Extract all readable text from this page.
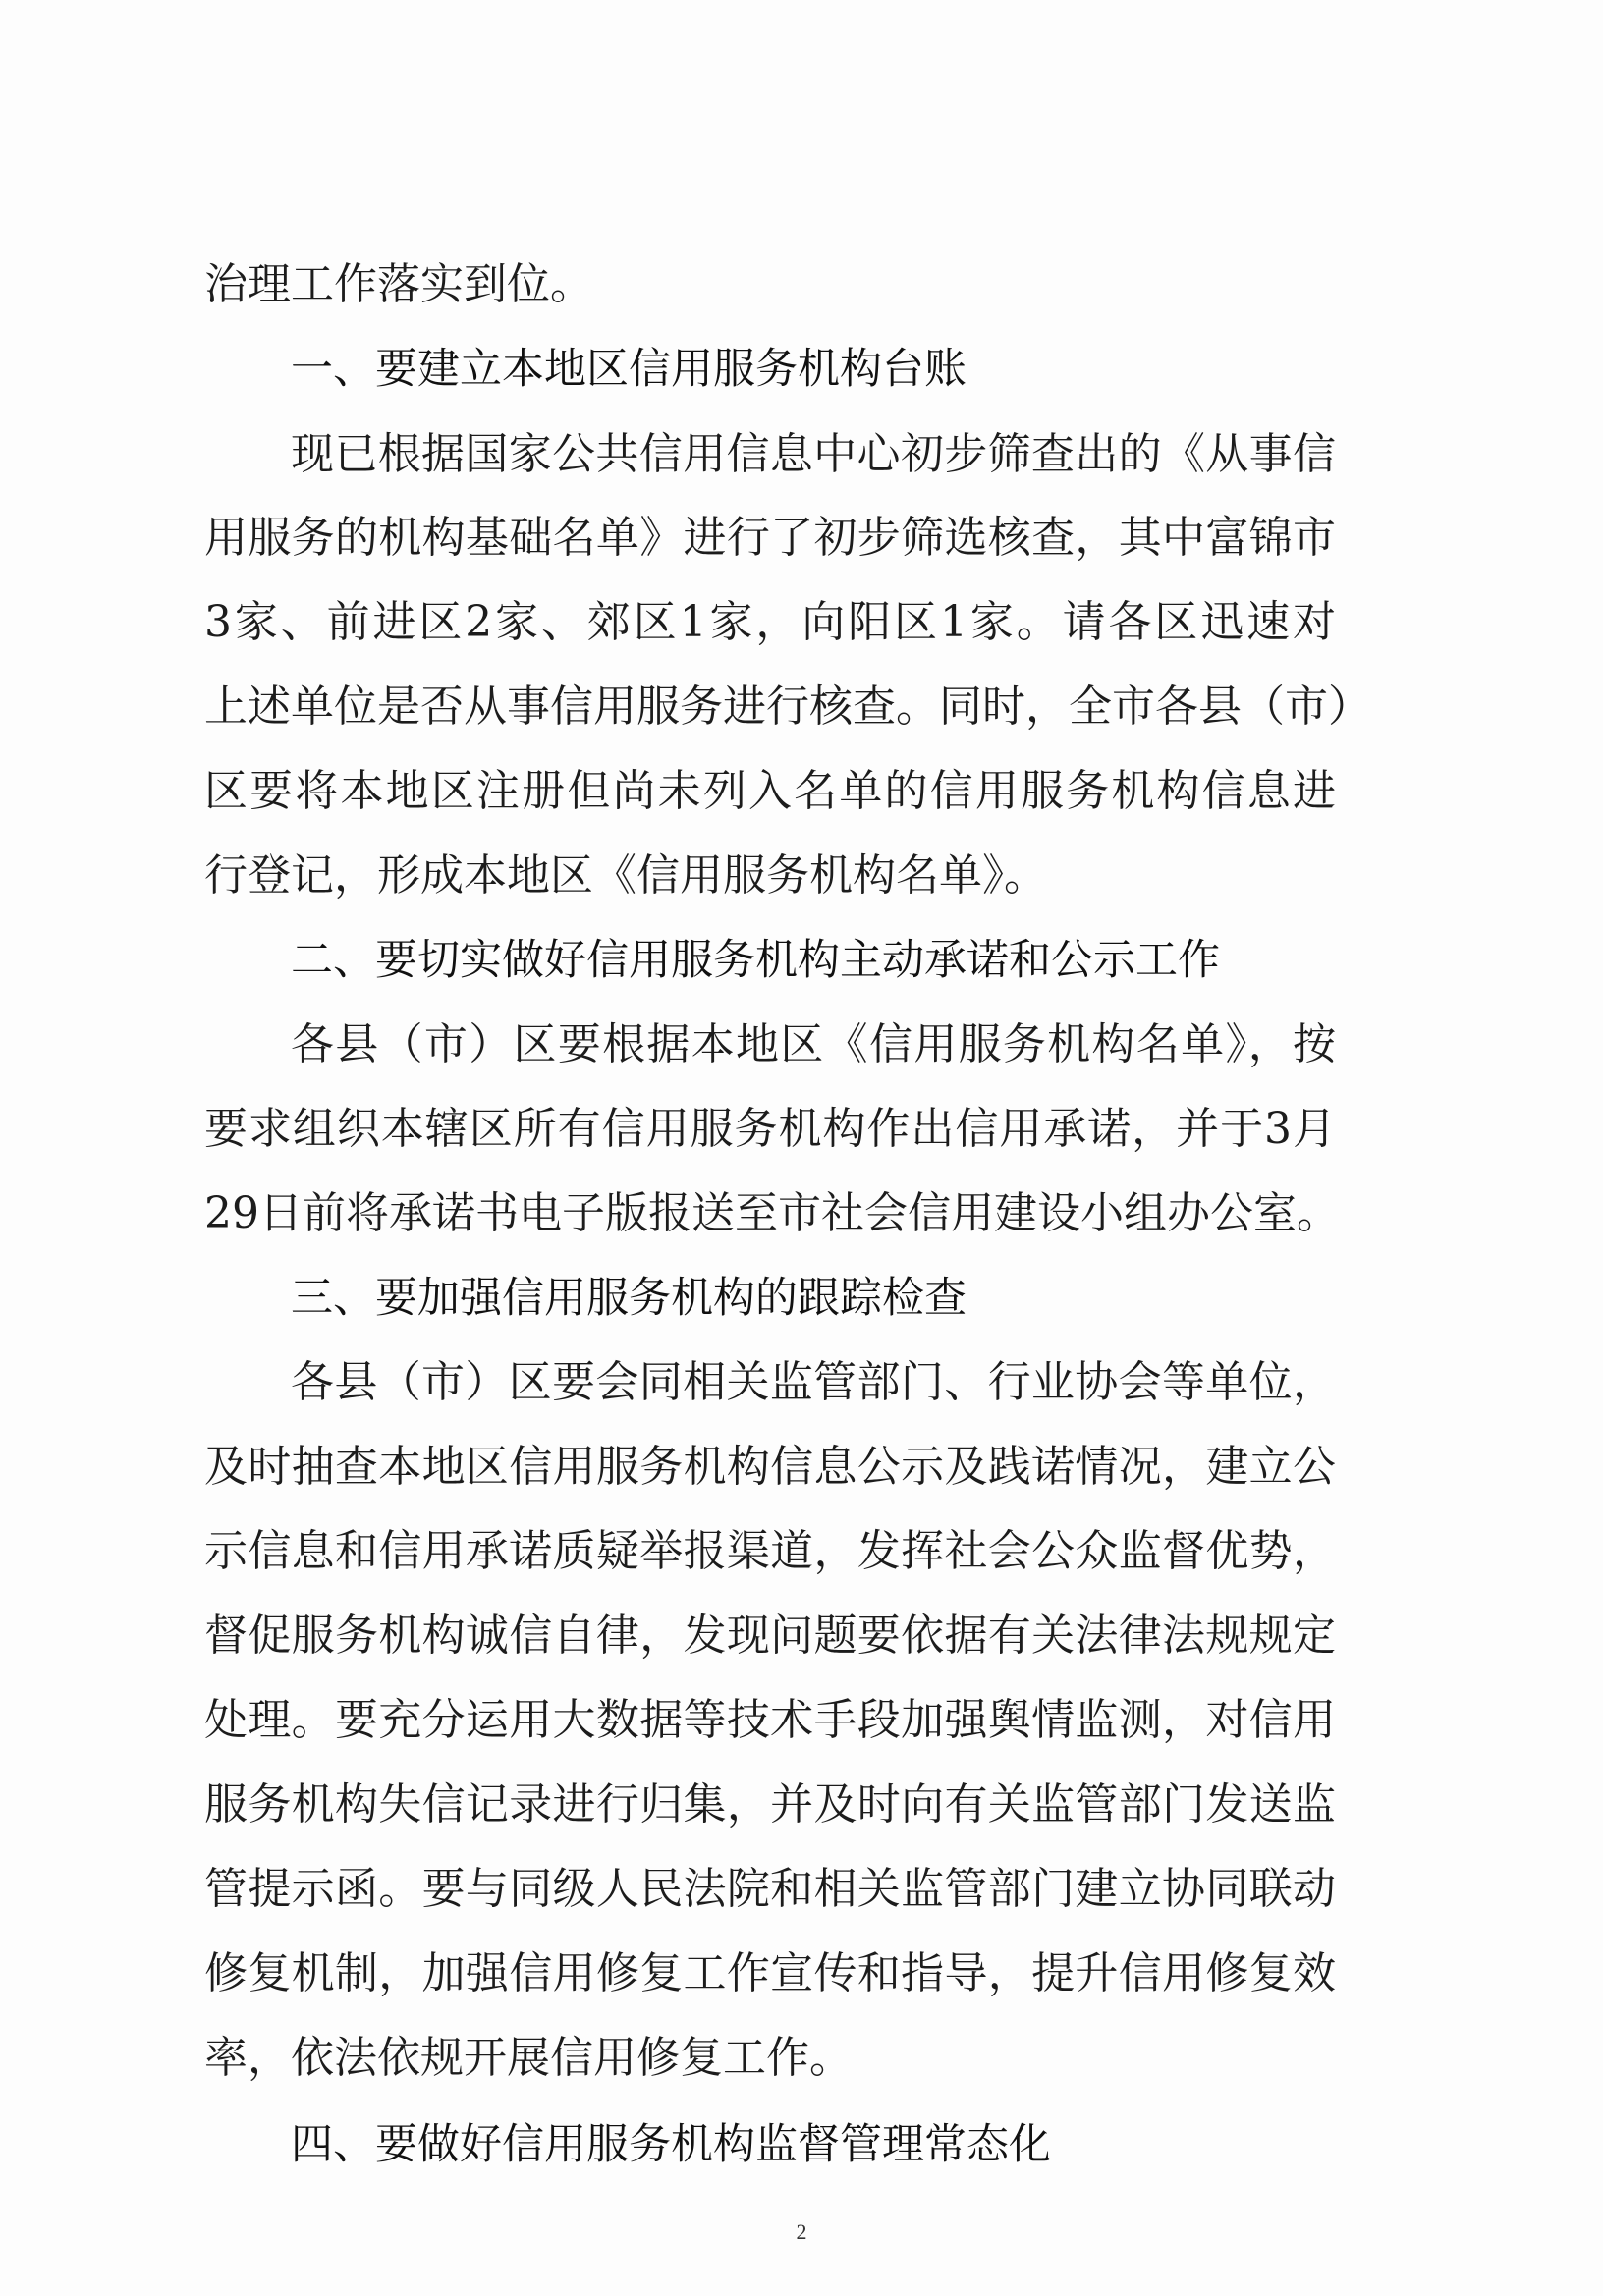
治理工作落实到位。
一、要建立本地区信用服务机构台账
现已根据国家公共信用信息中心初步筛查出的《从事信
用服务的机构基础名单》进行了初步筛选核查，其中富锦市
3家、前进区2家、郊区1家，向阳区1家。请各区迅速对
上述单位是否从事信用服务进行核查。同时，全市各县（市）
区要将本地区注册但尚未列入名单的信用服务机构信息进
行登记，形成本地区《信用服务机构名单》。
二、要切实做好信用服务机构主动承诺和公示工作
各县（市）区要根据本地区《信用服务机构名单》，按
要求组织本辖区所有信用服务机构作出信用承诺，并于3月
29日前将承诺书电子版报送至市社会信用建设小组办公室。
三、要加强信用服务机构的跟踪检查
各县（市）区要会同相关监管部门、行业协会等单位，
及时抽查本地区信用服务机构信息公示及践诺情况，建立公
示信息和信用承诺质疑举报渠道，发挥社会公众监督优势，
督促服务机构诚信自律，发现问题要依据有关法律法规规定
处理。要充分运用大数据等技术手段加强舆情监测，对信用
服务机构失信记录进行归集，并及时向有关监管部门发送监
管提示函。要与同级人民法院和相关监管部门建立协同联动
修复机制，加强信用修复工作宣传和指导，提升信用修复效
率，依法依规开展信用修复工作。
四、要做好信用服务机构监督管理常态化
2
